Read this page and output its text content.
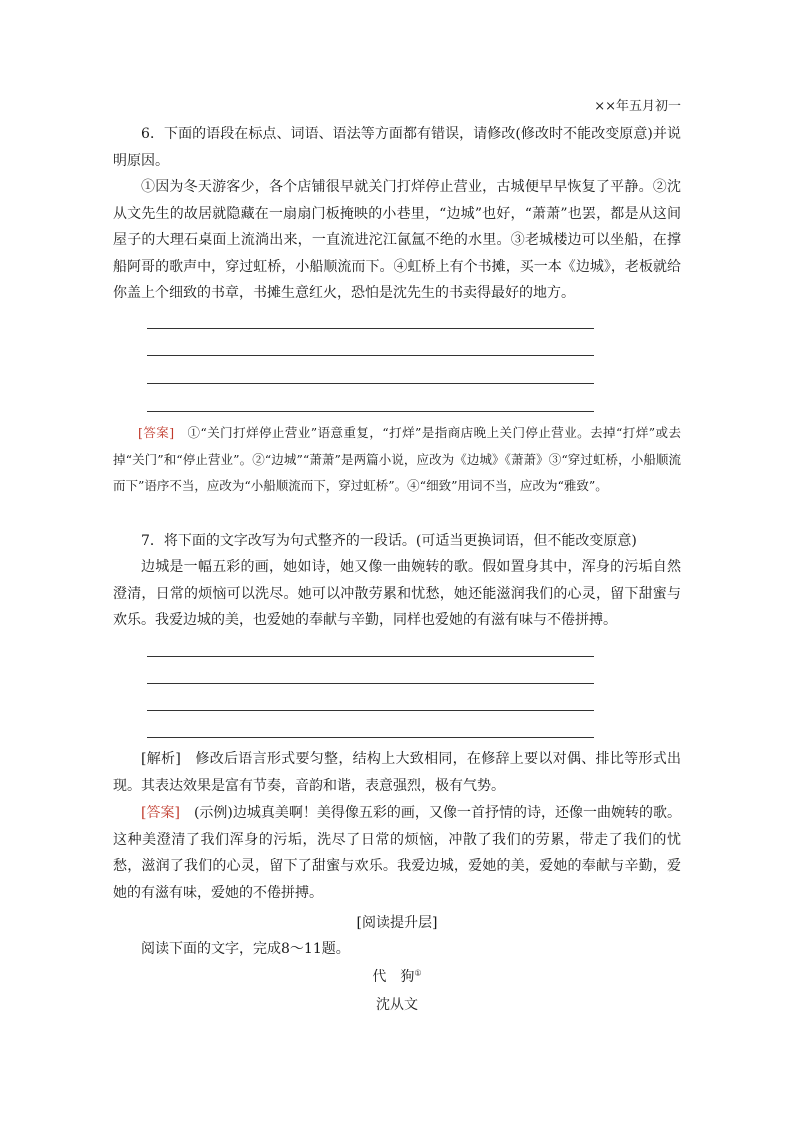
××年五月初一

6．下面的语段在标点、词语、语法等方面都有错误，请修改(修改时不能改变原意)并说明原因。

①因为冬天游客少，各个店铺很早就关门打烊停止营业，古城便早早恢复了平静。②沈从文先生的故居就隐藏在一扇扇门板掩映的小巷里，“边城”也好，“萧萧”也罢，都是从这间屋子的大理石桌面上流淌出来，一直流进沱江氤氲不绝的水里。③老城楼边可以坐船，在撑船阿哥的歌声中，穿过虹桥，小船顺流而下。④虹桥上有个书摊，买一本《边城》，老板就给你盖上个细致的书章，书摊生意红火，恐怕是沈先生的书卖得最好的地方。

[答案]　 ①“关门打烊停止营业”语意重复，“打烊”是指商店晚上关门停止营业。去掉“打烊”或去掉“关门”和“停止营业”。②“边城”“萧萧”是两篇小说，应改为《边城》《萧萧》③“穿过虹桥，小船顺流而下”语序不当，应改为“小船顺流而下，穿过虹桥”。④“细致”用词不当，应改为“雅致”。

7．将下面的文字改写为句式整齐的一段话。(可适当更换词语，但不能改变原意)

边城是一幅五彩的画，她如诗，她又像一曲婉转的歌。假如置身其中，浑身的污垢自然澄清，日常的烦恼可以洗尽。她可以冲散劳累和忧愁，她还能滋润我们的心灵，留下甜蜜与欢乐。我爱边城的美，也爱她的奉献与辛勤，同样也爱她的有滋有味与不倦拼搏。

[解析]　 修改后语言形式要匀整，结构上大致相同，在修辞上要以对偶、排比等形式出现。其表达效果是富有节奏，音韵和谐，表意强烈，极有气势。

[答案]　 (示例)边城真美啊！美得像五彩的画，又像一首抒情的诗，还像一曲婉转的歌。这种美澄清了我们浑身的污垢，洗尽了日常的烦恼，冲散了我们的劳累，带走了我们的忧愁，滋润了我们的心灵，留下了甜蜜与欢乐。我爱边城，爱她的美，爱她的奉献与辛勤，爱她的有滋有味，爱她的不倦拼搏。

[阅读提升层]

阅读下面的文字，完成8～11题。

代　狗①
沈从文
